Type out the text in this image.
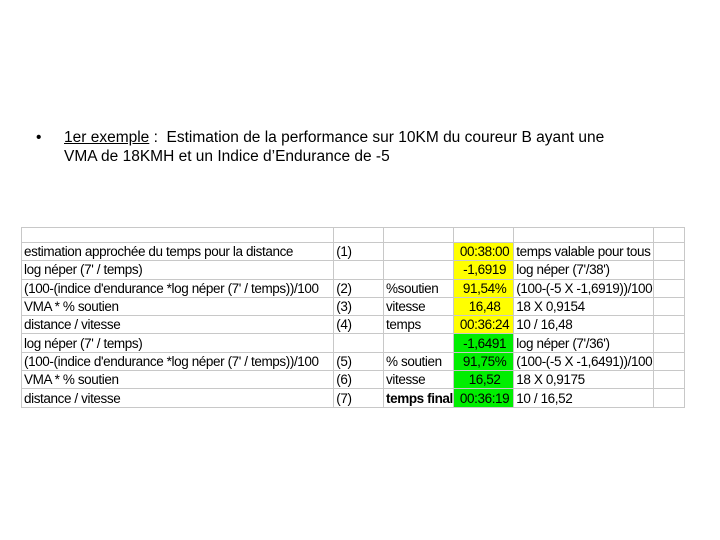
• 1er exemple :  Estimation de la performance sur 10KM du coureur B ayant une
VMA de 18KMH et un Indice d’Endurance de -5

estimation approchée du temps pour la distance	(1)		00:38:00	temps valable pour tous	
log néper (7' / temps)			-1,6919	log néper (7'/38')	
(100-(indice d'endurance *log néper (7' / temps))/100	(2)	%soutien	91,54%	(100-(-5 X -1,6919))/100	
VMA * % soutien	(3)	vitesse	16,48	18 X 0,9154	
distance / vitesse	(4)	temps	00:36:24	10 / 16,48	
log néper (7' / temps)			-1,6491	log néper (7'/36')	
(100-(indice d'endurance *log néper (7' / temps))/100	(5)	% soutien	91,75%	(100-(-5 X -1,6491))/100	
VMA * % soutien	(6)	vitesse	16,52	18 X 0,9175	
distance / vitesse	(7)	temps final	00:36:19	10 / 16,52	
